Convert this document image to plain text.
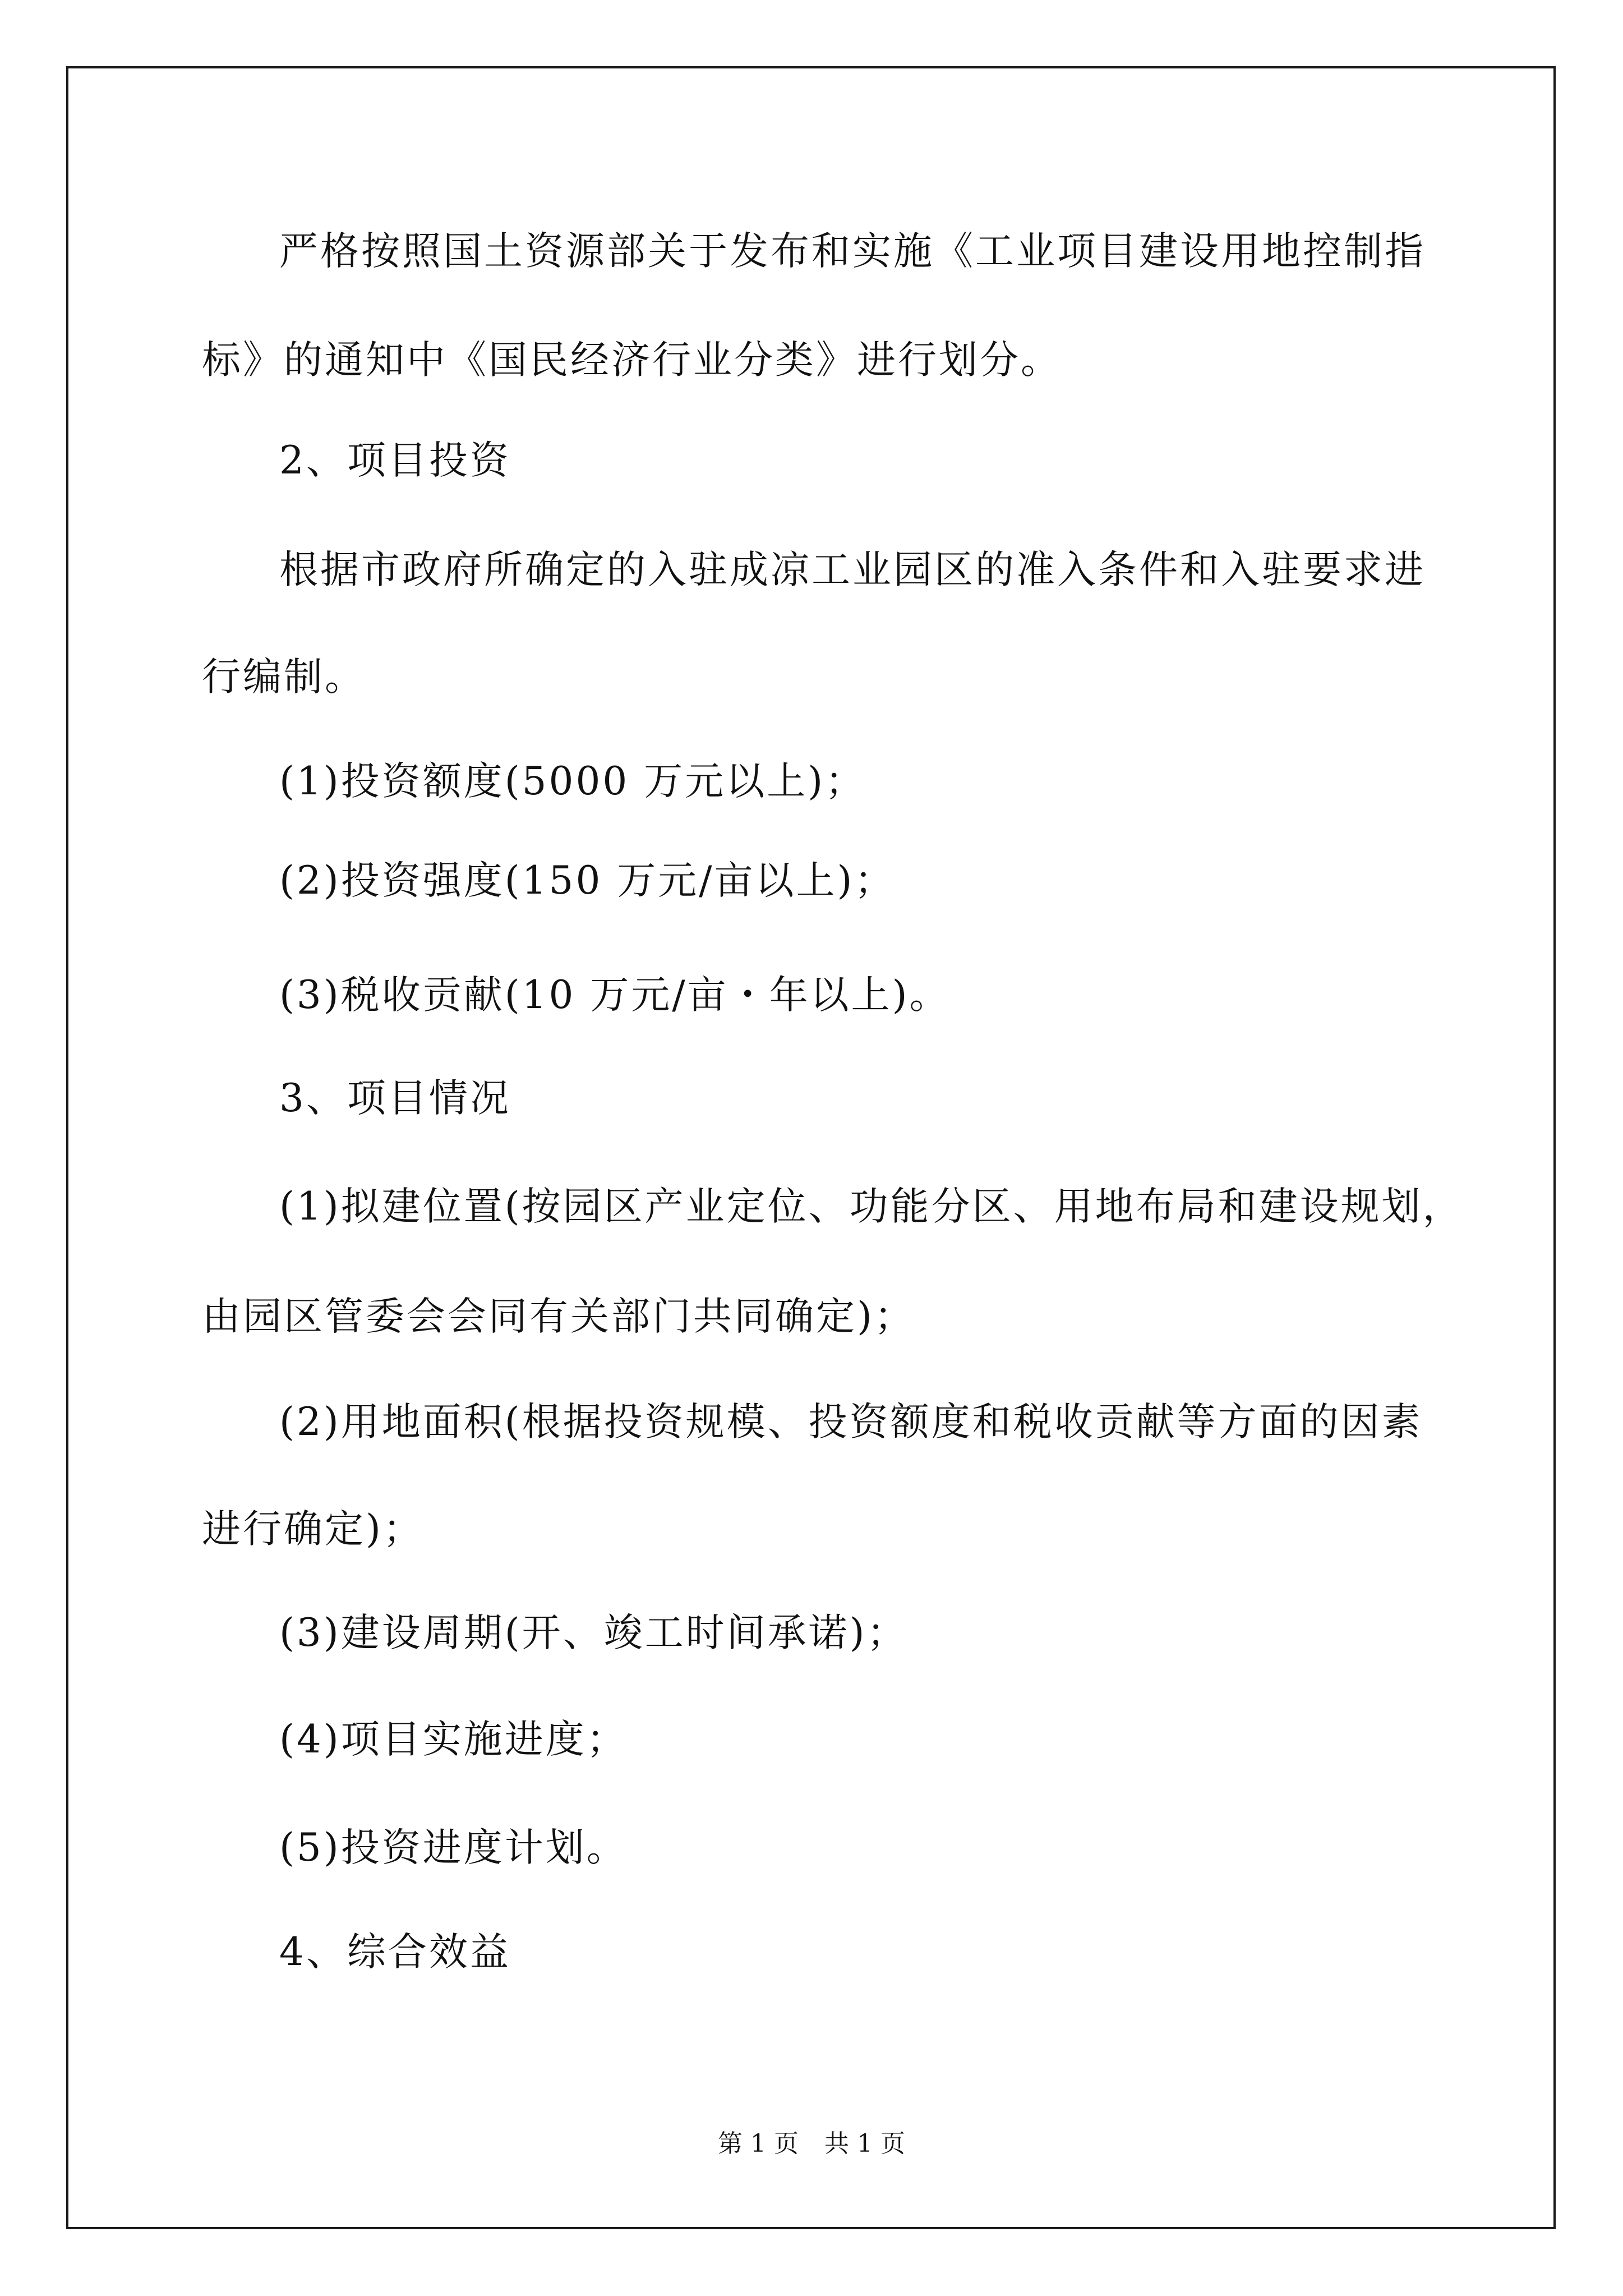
严格按照国土资源部关于发布和实施《工业项目建设用地控制指
标》的通知中《国民经济行业分类》进行划分。
2、项目投资
根据市政府所确定的入驻成凉工业园区的准入条件和入驻要求进
行编制。
(1)投资额度(5000 万元以上)；
(2)投资强度(150 万元/亩以上)；
(3)税收贡献(10 万元/亩・年以上)。
3、项目情况
(1)拟建位置(按园区产业定位、功能分区、用地布局和建设规划，
由园区管委会会同有关部门共同确定)；
(2)用地面积(根据投资规模、投资额度和税收贡献等方面的因素
进行确定)；
(3)建设周期(开、竣工时间承诺)；
(4)项目实施进度；
(5)投资进度计划。
4、综合效益
第 1 页 共 1 页
